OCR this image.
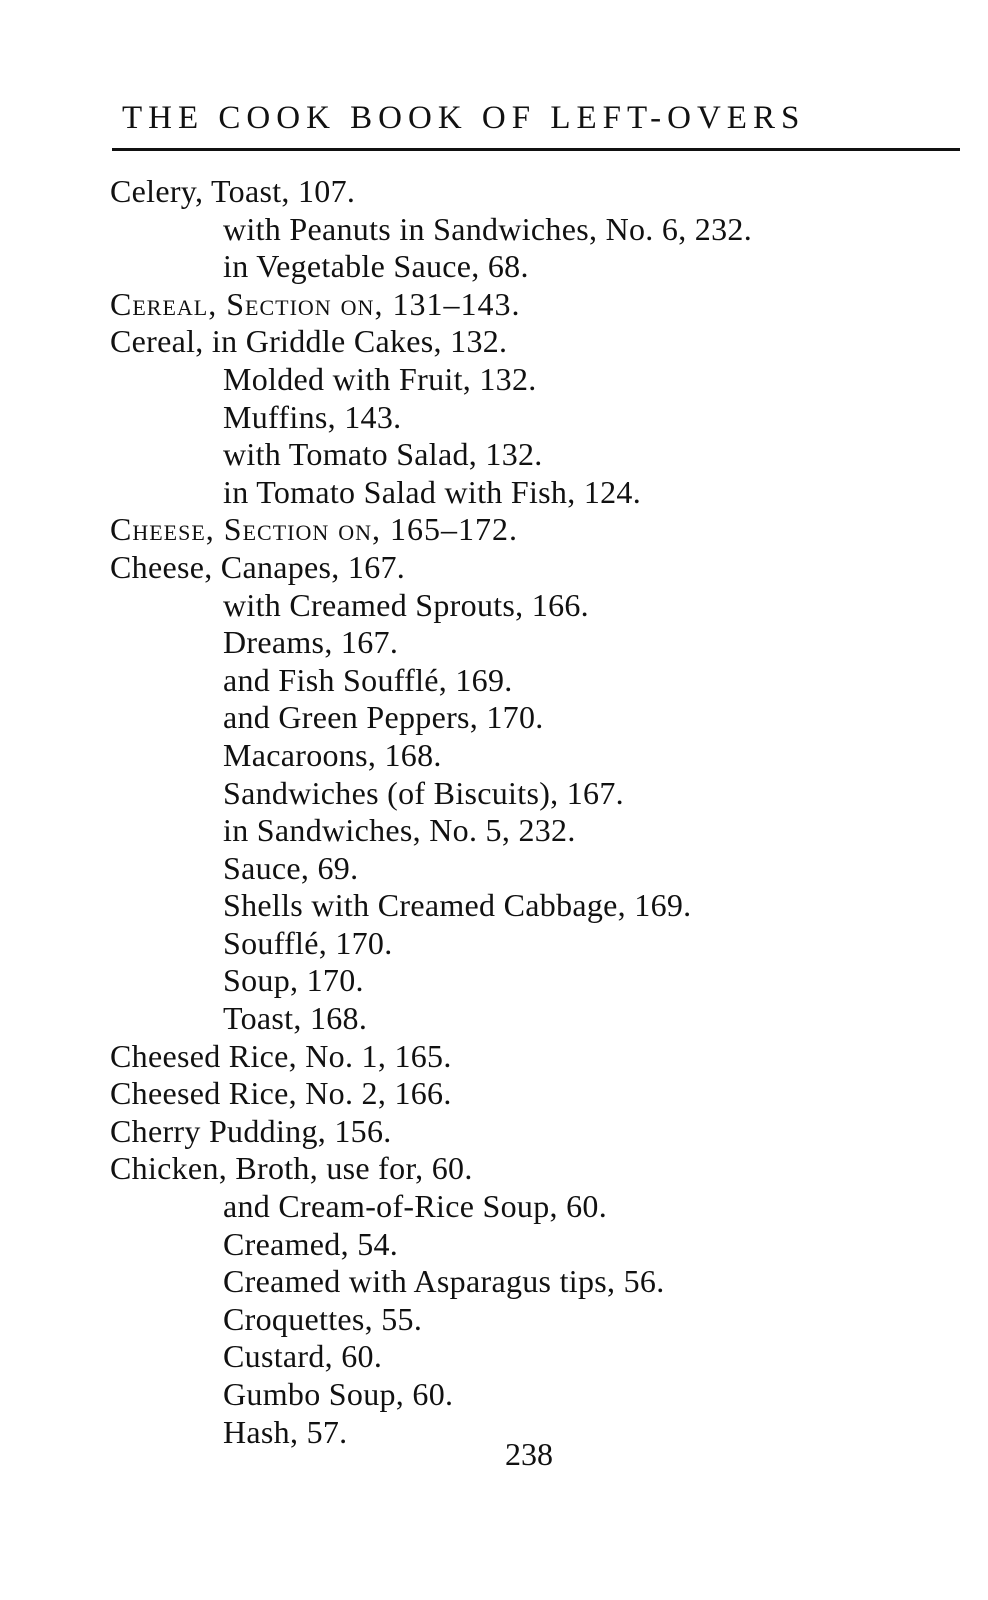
THE COOK BOOK OF LEFT-OVERS
Celery, Toast, 107.
with Peanuts in Sandwiches, No. 6, 232.
in Vegetable Sauce, 68.
Cereal, Section on, 131–143.
Cereal, in Griddle Cakes, 132.
Molded with Fruit, 132.
Muffins, 143.
with Tomato Salad, 132.
in Tomato Salad with Fish, 124.
Cheese, Section on, 165–172.
Cheese, Canapes, 167.
with Creamed Sprouts, 166.
Dreams, 167.
and Fish Soufflé, 169.
and Green Peppers, 170.
Macaroons, 168.
Sandwiches (of Biscuits), 167.
in Sandwiches, No. 5, 232.
Sauce, 69.
Shells with Creamed Cabbage, 169.
Soufflé, 170.
Soup, 170.
Toast, 168.
Cheesed Rice, No. 1, 165.
Cheesed Rice, No. 2, 166.
Cherry Pudding, 156.
Chicken, Broth, use for, 60.
and Cream-of-Rice Soup, 60.
Creamed, 54.
Creamed with Asparagus tips, 56.
Croquettes, 55.
Custard, 60.
Gumbo Soup, 60.
Hash, 57.
238
